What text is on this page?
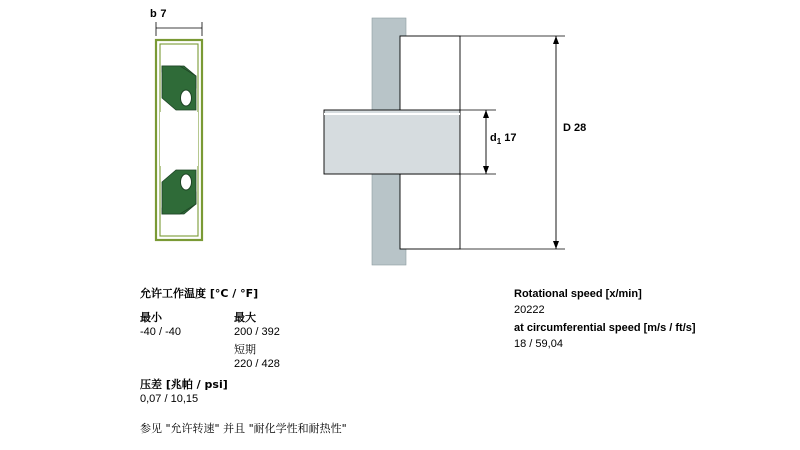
b 7
$d_1$ 17
D 28
允许工作温度 [°C / °F]
最小	最大
-40 / -40	200 / 392
短期
220 / 428
压差 [兆帕 / psi]
0,07 / 10,15
参见 "允许转速" 并且 "耐化学性和耐热性"
Rotational speed [x/min]
20222
at circumferential speed [m/s / ft/s]
18 / 59,04
